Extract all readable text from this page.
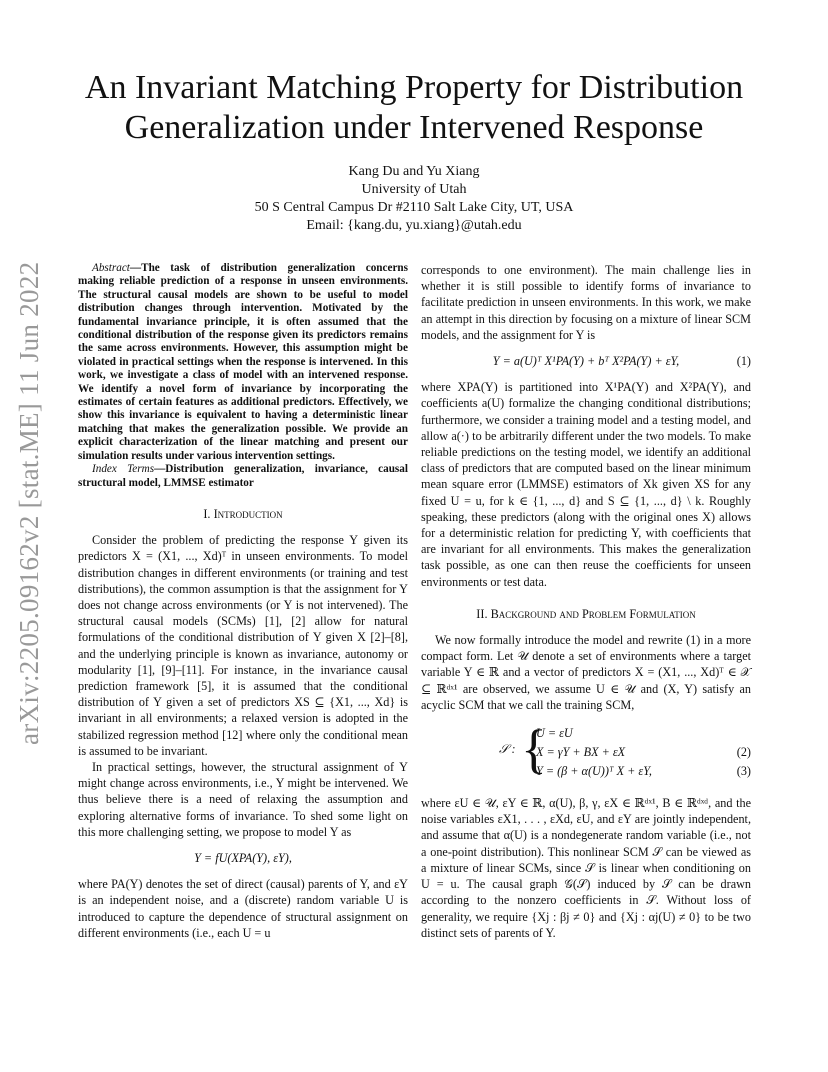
An Invariant Matching Property for Distribution
Generalization under Intervened Response
Kang Du and Yu Xiang
University of Utah
50 S Central Campus Dr #2110 Salt Lake City, UT, USA
Email: {kang.du, yu.xiang}@utah.edu
arXiv:2205.09162v2 [stat.ME] 11 Jun 2022	Abstract—The task of distribution generalization concerns making reliable prediction of a response in unseen environments. The structural causal models are shown to be useful to model distribution changes through intervention. Motivated by the fundamental invariance principle, it is often assumed that the conditional distribution of the response given its predictors remains the same across environments. However, this assumption might be violated in practical settings when the response is intervened. In this work, we investigate a class of model with an intervened response. We identify a novel form of invariance by incorporating the estimates of certain features as additional predictors. Effectively, we show this invariance is equivalent to having a deterministic linear matching that makes the generalization possible. We provide an explicit characterization of the linear matching and present our simulation results under various intervention settings.

Index Terms—Distribution generalization, invariance, causal structural model, LMMSE estimator

I. Introduction

Consider the problem of predicting the response Y given its predictors X = (X1, ..., Xd)ᵀ in unseen environments. To model distribution changes in different environments (or training and test distributions), the common assumption is that the assignment for Y does not change across environments (or Y is not intervened). The structural causal models (SCMs) [1], [2] allow for natural formulations of the conditional distribution of Y given X [2]–[8], and the underlying principle is known as invariance, autonomy or modularity [1], [9]–[11]. For instance, in the invariance causal prediction framework [5], it is assumed that the conditional distribution of Y given a set of predictors XS ⊆ {X1, ..., Xd} is invariant in all environments; a relaxed version is adopted in the stabilized regression method [12] where only the conditional mean is assumed to be invariant.

In practical settings, however, the structural assignment of Y might change across environments, i.e., Y might be intervened. We thus believe there is a need of relaxing the assumption and exploring alternative forms of invariance. To shed some light on this more challenging setting, we propose to model Y as

Y = fU(XPA(Y), εY),

where PA(Y) denotes the set of direct (causal) parents of Y, and εY is an independent noise, and a (discrete) random variable U is introduced to capture the dependence of structural assignment on different environments (i.e., each U = u

corresponds to one environment). The main challenge lies in whether it is still possible to identify forms of invariance to facilitate prediction in unseen environments. In this work, we make an attempt in this direction by focusing on a mixture of linear SCM models, and the assignment for Y is

Y = a(U)ᵀ X¹PA(Y) + bᵀ X²PA(Y) + εY,	(1)

where XPA(Y) is partitioned into X¹PA(Y) and X²PA(Y), and coefficients a(U) formalize the changing conditional distributions; furthermore, we consider a training model and a testing model, and allow a(·) to be arbitrarily different under the two models. To make reliable predictions on the testing model, we identify an additional class of predictors that are computed based on the linear minimum mean square error (LMMSE) estimators of Xk given XS for any fixed U = u, for k ∈ {1, ..., d} and S ⊆ {1, ..., d} \ k. Roughly speaking, these predictors (along with the original ones X) allows for a deterministic relation for predicting Y, with coefficients that are invariant for all environments. This makes the generalization task possible, as one can then reuse the coefficients for unseen environments or test data.

II. Background and Problem Formulation

We now formally introduce the model and rewrite (1) in a more compact form. Let 𝒰 denote a set of environments where a target variable Y ∈ ℝ and a vector of predictors X = (X1, ..., Xd)ᵀ ∈ 𝒳 ⊆ ℝᵈˣ¹ are observed, we assume U ∈ 𝒰 and (X, Y) satisfy an acyclic SCM that we call the training SCM,

𝒮 : {
U = εU
X = γY + BX + εX
Y = (β + α(U))ᵀ X + εY,
(2)
(3)

where εU ∈ 𝒰, εY ∈ ℝ, α(U), β, γ, εX ∈ ℝᵈˣ¹, B ∈ ℝᵈˣᵈ, and the noise variables εX1, . . . , εXd, εU, and εY are jointly independent, and assume that α(U) is a nondegenerate random variable (i.e., not a one-point distribution). This nonlinear SCM 𝒮 can be viewed as a mixture of linear SCMs, since 𝒮 is linear when conditioning on U = u. The causal graph 𝒢(𝒮) induced by 𝒮 can be drawn according to the nonzero coefficients in 𝒮. Without loss of generality, we require {Xj : βj ≠ 0} and {Xj : αj(U) ≠ 0} to be two distinct sets of parents of Y.
